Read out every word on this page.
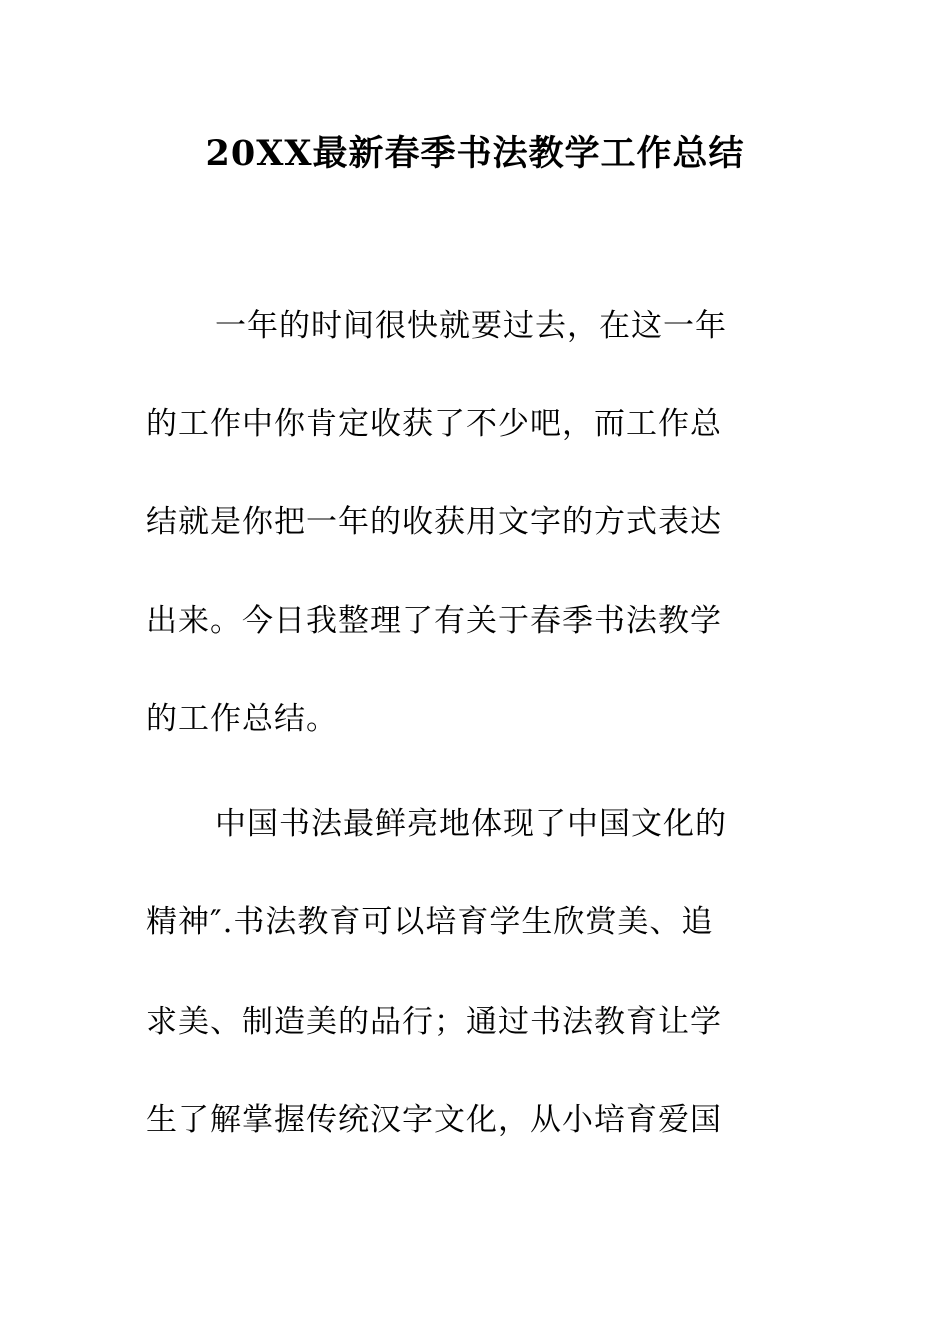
20XX最新春季书法教学工作总结
一年的时间很快就要过去，在这一年
的工作中你肯定收获了不少吧，而工作总
结就是你把一年的收获用文字的方式表达
出来。今日我整理了有关于春季书法教学
的工作总结。
中国书法最鲜亮地体现了中国文化的
精神″.书法教育可以培育学生欣赏美、追
求美、制造美的品行；通过书法教育让学
生了解掌握传统汉字文化，从小培育爱国
